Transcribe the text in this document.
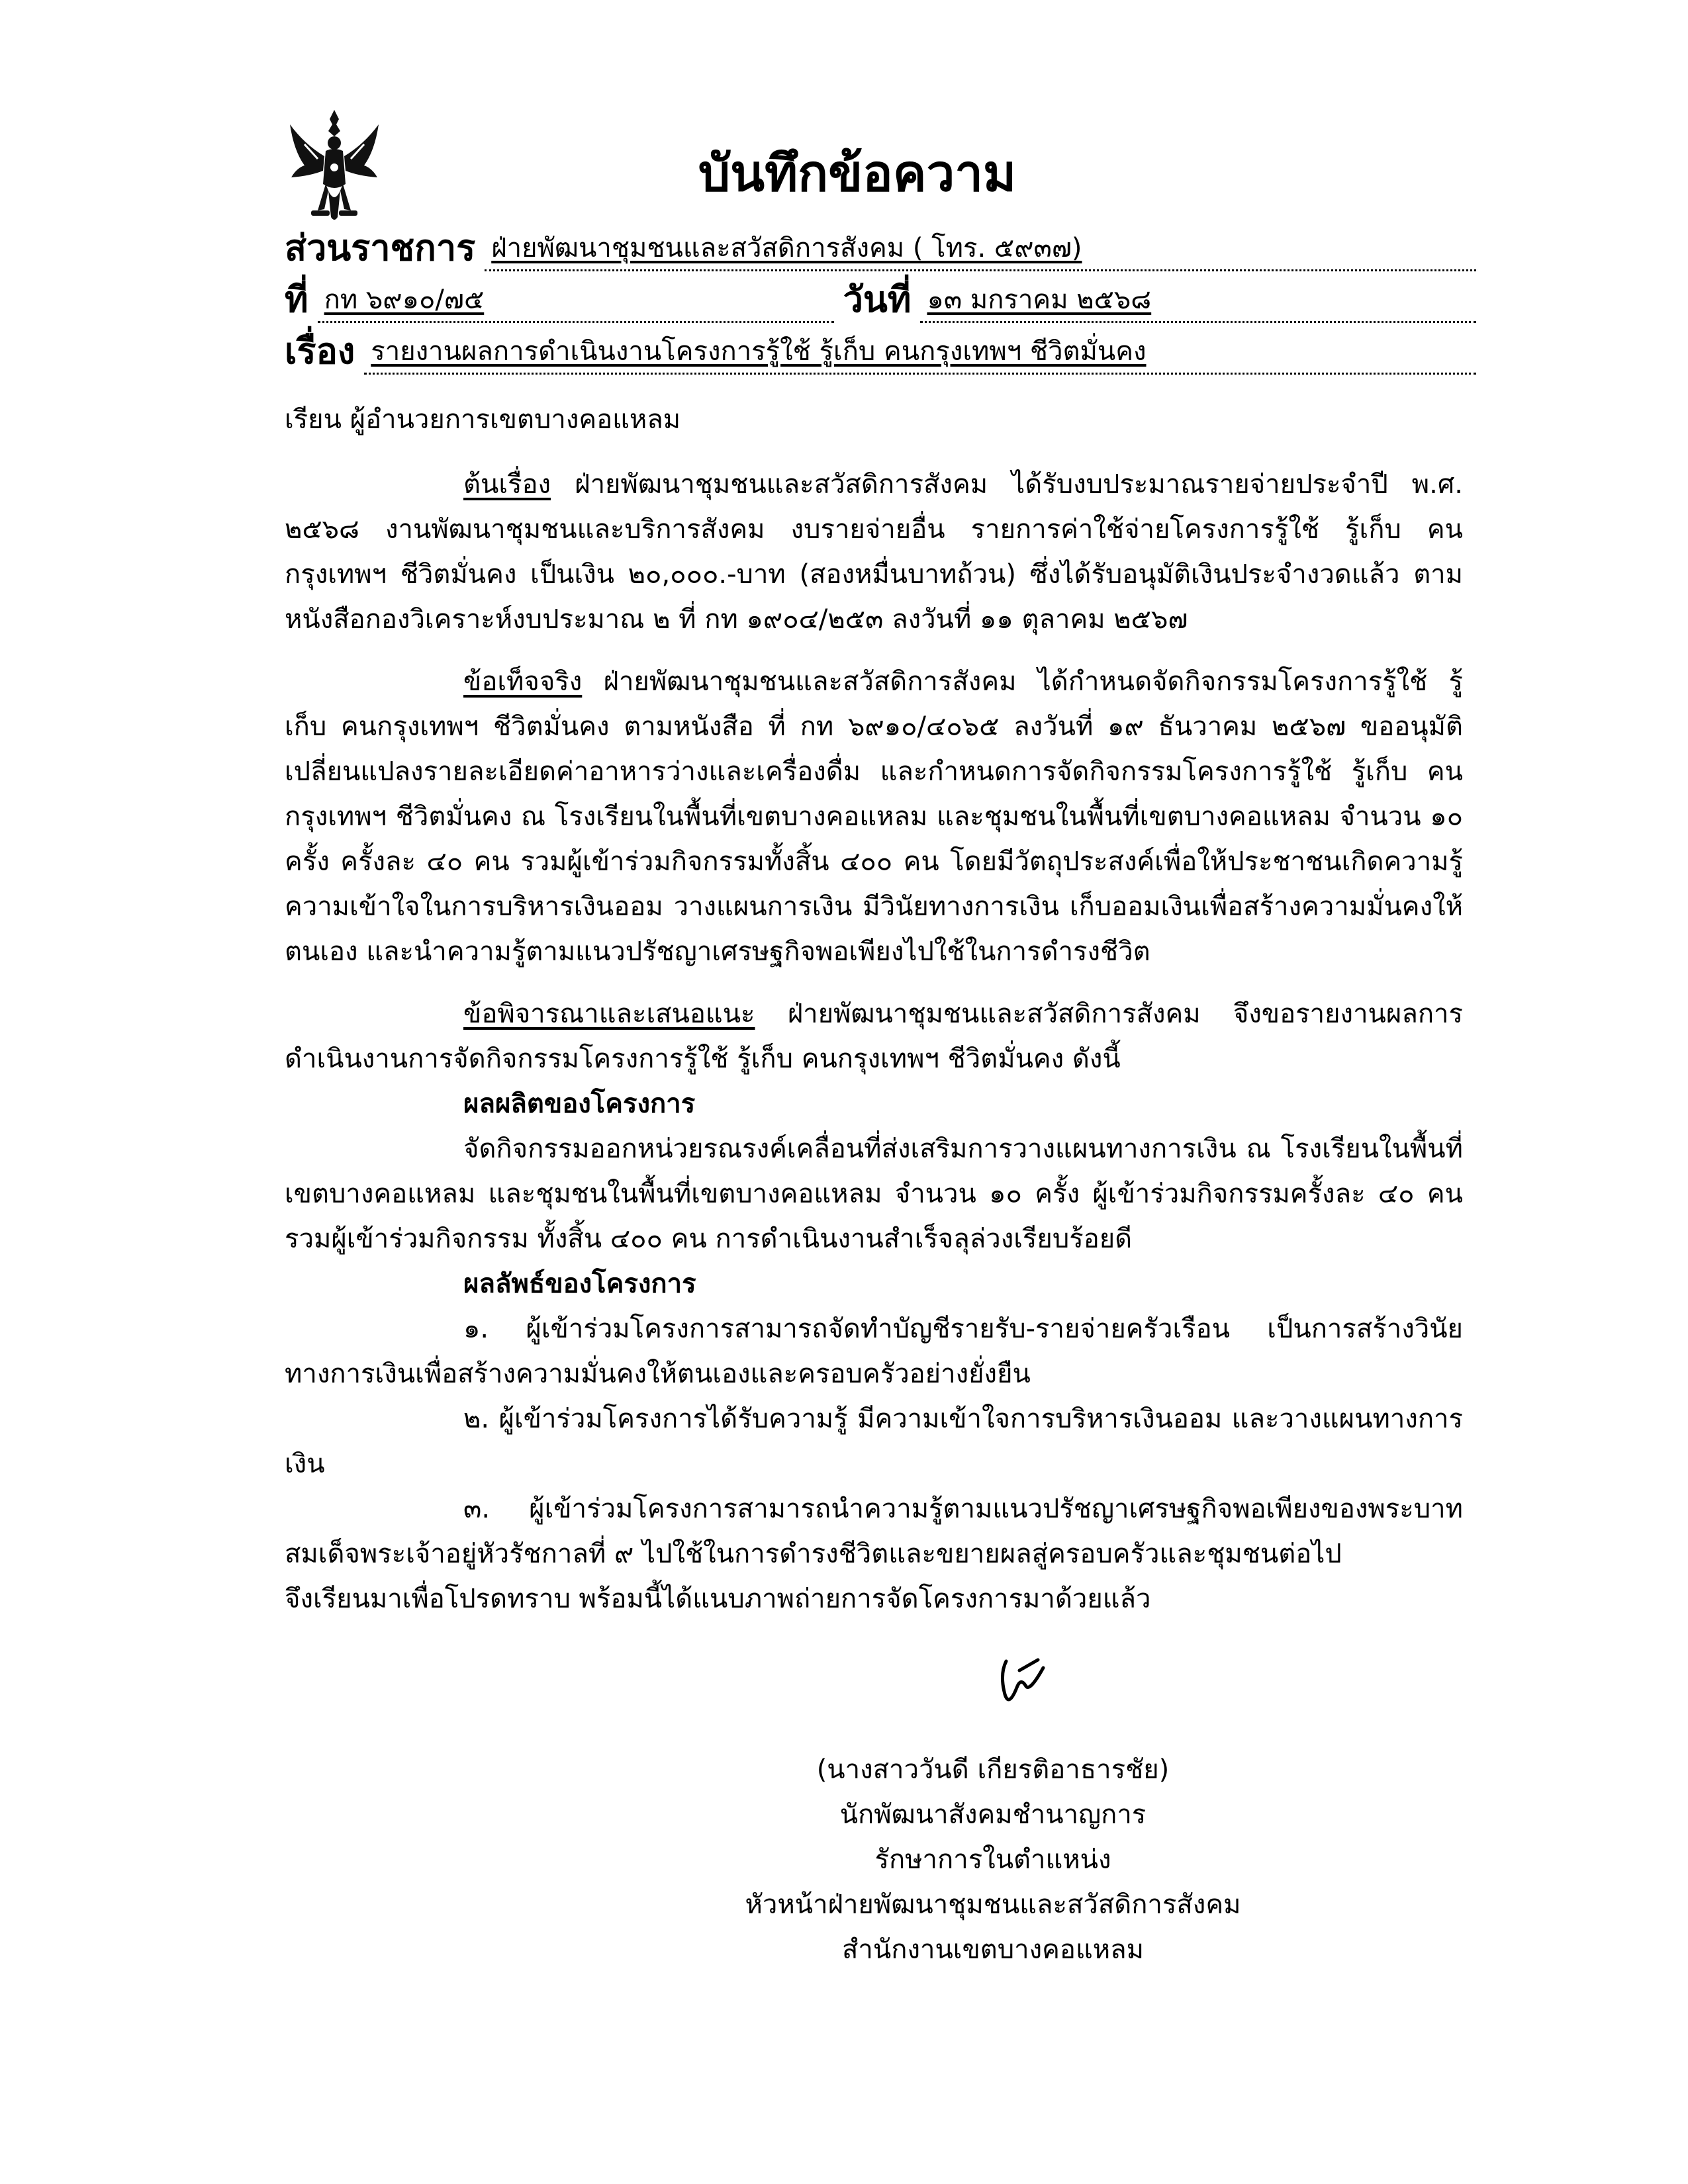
บันทึกข้อความ
ส่วนราชการ ฝ่ายพัฒนาชุมชนและสวัสดิการสังคม ( โทร. ๕๙๓๗)
ที่ กท ๖๙๑๐/๗๕	วันที่ ๑๓ มกราคม ๒๕๖๘
เรื่อง รายงานผลการดำเนินงานโครงการรู้ใช้ รู้เก็บ คนกรุงเทพฯ ชีวิตมั่นคง
เรียน ผู้อำนวยการเขตบางคอแหลม
ต้นเรื่อง ฝ่ายพัฒนาชุมชนและสวัสดิการสังคม ได้รับงบประมาณรายจ่ายประจำปี พ.ศ. ๒๕๖๘ งานพัฒนาชุมชนและบริการสังคม งบรายจ่ายอื่น รายการค่าใช้จ่ายโครงการรู้ใช้ รู้เก็บ คนกรุงเทพฯ ชีวิตมั่นคง เป็นเงิน ๒๐,๐๐๐.-บาท (สองหมื่นบาทถ้วน) ซึ่งได้รับอนุมัติเงินประจำงวดแล้ว ตามหนังสือกองวิเคราะห์งบประมาณ ๒ ที่ กท ๑๙๐๔/๒๕๓ ลงวันที่ ๑๑ ตุลาคม ๒๕๖๗
ข้อเท็จจริง ฝ่ายพัฒนาชุมชนและสวัสดิการสังคม ได้กำหนดจัดกิจกรรมโครงการรู้ใช้ รู้เก็บ คนกรุงเทพฯ ชีวิตมั่นคง ตามหนังสือ ที่ กท ๖๙๑๐/๔๐๖๕ ลงวันที่ ๑๙ ธันวาคม ๒๕๖๗ ขออนุมัติเปลี่ยนแปลงรายละเอียดค่าอาหารว่างและเครื่องดื่ม และกำหนดการจัดกิจกรรมโครงการรู้ใช้ รู้เก็บ คนกรุงเทพฯ ชีวิตมั่นคง ณ โรงเรียนในพื้นที่เขตบางคอแหลม และชุมชนในพื้นที่เขตบางคอแหลม จำนวน ๑๐ ครั้ง ครั้งละ ๔๐ คน รวมผู้เข้าร่วมกิจกรรมทั้งสิ้น ๔๐๐ คน โดยมีวัตถุประสงค์เพื่อให้ประชาชนเกิดความรู้ความเข้าใจในการบริหารเงินออม วางแผนการเงิน มีวินัยทางการเงิน เก็บออมเงินเพื่อสร้างความมั่นคงให้ตนเอง และนำความรู้ตามแนวปรัชญาเศรษฐกิจพอเพียงไปใช้ในการดำรงชีวิต
ข้อพิจารณาและเสนอแนะ ฝ่ายพัฒนาชุมชนและสวัสดิการสังคม จึงขอรายงานผลการดำเนินงานการจัดกิจกรรมโครงการรู้ใช้ รู้เก็บ คนกรุงเทพฯ ชีวิตมั่นคง ดังนี้
ผลผลิตของโครงการ
จัดกิจกรรมออกหน่วยรณรงค์เคลื่อนที่ส่งเสริมการวางแผนทางการเงิน ณ โรงเรียนในพื้นที่เขตบางคอแหลม และชุมชนในพื้นที่เขตบางคอแหลม จำนวน ๑๐ ครั้ง ผู้เข้าร่วมกิจกรรมครั้งละ ๔๐ คน รวมผู้เข้าร่วมกิจกรรม ทั้งสิ้น ๔๐๐ คน การดำเนินงานสำเร็จลุล่วงเรียบร้อยดี
ผลลัพธ์ของโครงการ
๑. ผู้เข้าร่วมโครงการสามารถจัดทำบัญชีรายรับ-รายจ่ายครัวเรือน เป็นการสร้างวินัยทางการเงินเพื่อสร้างความมั่นคงให้ตนเองและครอบครัวอย่างยั่งยืน
๒. ผู้เข้าร่วมโครงการได้รับความรู้ มีความเข้าใจการบริหารเงินออม และวางแผนทางการเงิน
๓. ผู้เข้าร่วมโครงการสามารถนำความรู้ตามแนวปรัชญาเศรษฐกิจพอเพียงของพระบาทสมเด็จพระเจ้าอยู่หัวรัชกาลที่ ๙ ไปใช้ในการดำรงชีวิตและขยายผลสู่ครอบครัวและชุมชนต่อไป
จึงเรียนมาเพื่อโปรดทราบ พร้อมนี้ได้แนบภาพถ่ายการจัดโครงการมาด้วยแล้ว
(นางสาววันดี เกียรติอาธารชัย)
นักพัฒนาสังคมชำนาญการ
รักษาการในตำแหน่ง
หัวหน้าฝ่ายพัฒนาชุมชนและสวัสดิการสังคม
สำนักงานเขตบางคอแหลม
